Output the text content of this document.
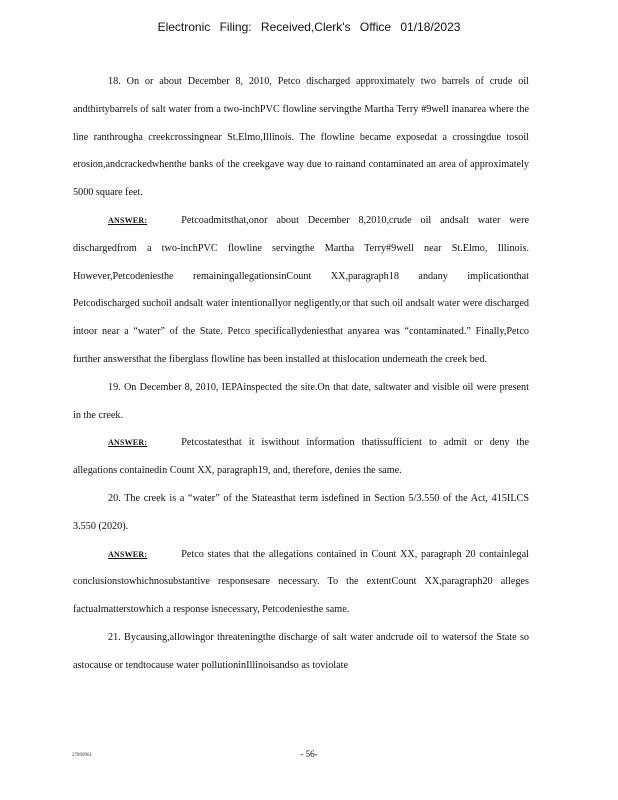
Electronic Filing: Received,Clerk's Office 01/18/2023

18. On or about December 8, 2010, Petco discharged approximately two barrels of crude oil andthirtybarrels of salt water from a two-inchPVC flowline servingthe Martha Terry #9well inanarea where the line ranthrougha creekcrossingnear St.Elmo,Illinois. The flowline became exposedat a crossingdue tosoil erosion,andcrackedwhenthe banks of the creekgave way due to rainand contaminated an area of approximately 5000 square feet.

ANSWER:	Petcoadmitsthat,onor about December 8,2010,crude oil andsalt water were dischargedfrom a two-inchPVC flowline servingthe Martha Terry#9well near St.Elmo, Illinois. However,Petcodeniesthe remainingallegationsinCount XX,paragraph18 andany implicationthat Petcodischarged suchoil andsalt water intentionallyor negligently,or that such oil andsalt water were discharged intoor near a “water” of the State. Petco specificallydeniesthat anyarea was “contaminated.” Finally,Petco further answersthat the fiberglass flowline has been installed at thislocation underneath the creek bed.

19. On December 8, 2010, IEPAinspected the site.On that date, saltwater and visible oil were present in the creek.

ANSWER:	Petcostatesthat it iswithout information thatissufficient to admit or deny the allegations containedin Count XX, paragraph19, and, therefore, denies the same.

20. The creek is a “water” of the Stateasthat term isdefined in Section 5/3.550 of the Act, 415ILCS 3.550 (2020).

ANSWER:	Petco states that the allegations contained in Count XX, paragraph 20 containlegal conclusionstowhichnosubstantive responsesare necessary. To the extentCount XX,paragraph20 alleges factualmatterstowhich a response isnecessary, Petcodeniesthe same.

21. Bycausing,allowingor threateningthe discharge of salt water andcrude oil to watersof the State so astocause or tendtocause water pollutioninIllinoisandso as toviolate

27890961	- 56-
